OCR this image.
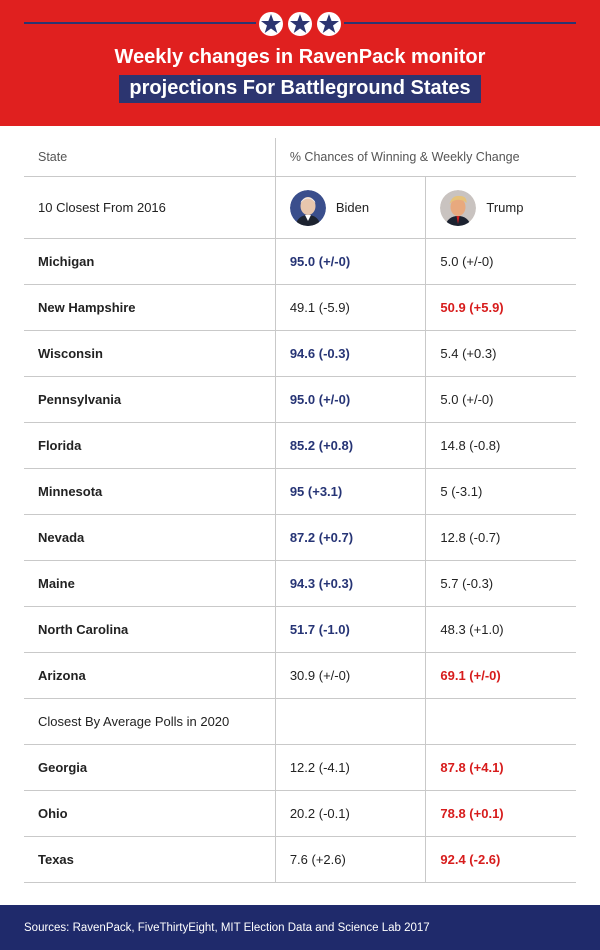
Weekly changes in RavenPack monitor
projections For Battleground States
State	% Chances of Winning & Weekly Change	
10 Closest From 2016	Biden	Trump

Michigan	95.0 (+/-0)	5.0 (+/-0)
New Hampshire	49.1 (-5.9)	50.9 (+5.9)
Wisconsin	94.6 (-0.3)	5.4 (+0.3)
Pennsylvania	95.0 (+/-0)	5.0 (+/-0)
Florida	85.2 (+0.8)	14.8 (-0.8)
Minnesota	95 (+3.1)	5 (-3.1)
Nevada	87.2 (+0.7)	12.8 (-0.7)
Maine	94.3 (+0.3)	5.7 (-0.3)
North Carolina	51.7 (-1.0)	48.3 (+1.0)
Arizona	30.9 (+/-0)	69.1 (+/-0)
Closest By Average Polls in 2020		
Georgia	12.2 (-4.1)	87.8 (+4.1)
Ohio	20.2 (-0.1)	78.8 (+0.1)
Texas	7.6 (+2.6)	92.4 (-2.6)
Sources: RavenPack, FiveThirtyEight, MIT Election Data and Science Lab 2017
